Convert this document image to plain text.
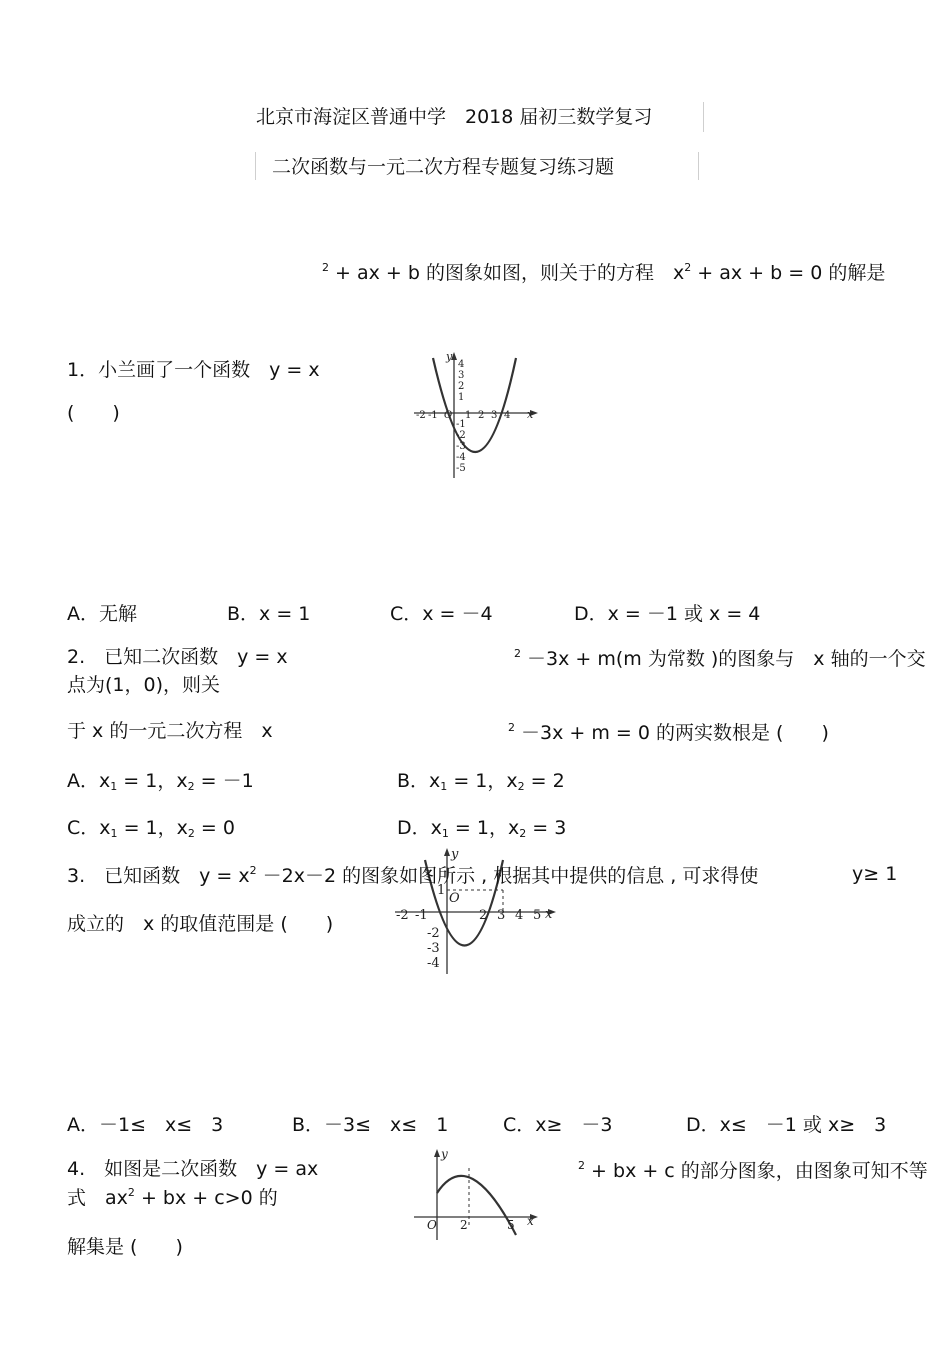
北京市海淀区普通中学　2018 届初三数学复习
二次函数与一元二次方程专题复习练习题
$^2$ + ax + b 的图象如图，则关于的方程　$x^2$ + ax + b = 0 的解是
1．小兰画了一个函数　y = x
(　　)
y
x
O
-2 -1	1 2 3 4
4
3
2
1
-1
-2
-3
-4
-5
A．无解	B．x = 1	C．x = －4	D．x = －1 或 x = 4
2.　已知二次函数　y = x	$^2$ －3x + m(m 为常数 )的图象与　x 轴的一个交
点为(1，0)，则关
于 x 的一元二次方程　x	$^2$ －3x + m = 0 的两实数根是 (　　)
A．$x_1 = 1$，$x_2 = -1$	B．$x_1 = 1$，$x_2 = 2$
C．$x_1 = 1$，$x_2 = 0$	D．$x_1 = 1$，$x_2 = 3$
y
x
O
-2 -1	2 3 4 5
1
-2
-3
-4
3.　已知函数　$y = x^2 -2x-2$ 的图象如图所示 , 根据其中提供的信息 , 可求得使	y≥ 1
成立的　x 的取值范围是 (　　)
A．－1≤　x≤　3	B．－3≤　x≤　1	C．x≥　－3	D．x≤　－1 或 x≥　3
4.　如图是二次函数　y = ax	$^2$ + bx + c 的部分图象，由图象可知不等
式　$ax^2$ + bx + c>0 的
解集是 (　　)
y
x
O 2	5
